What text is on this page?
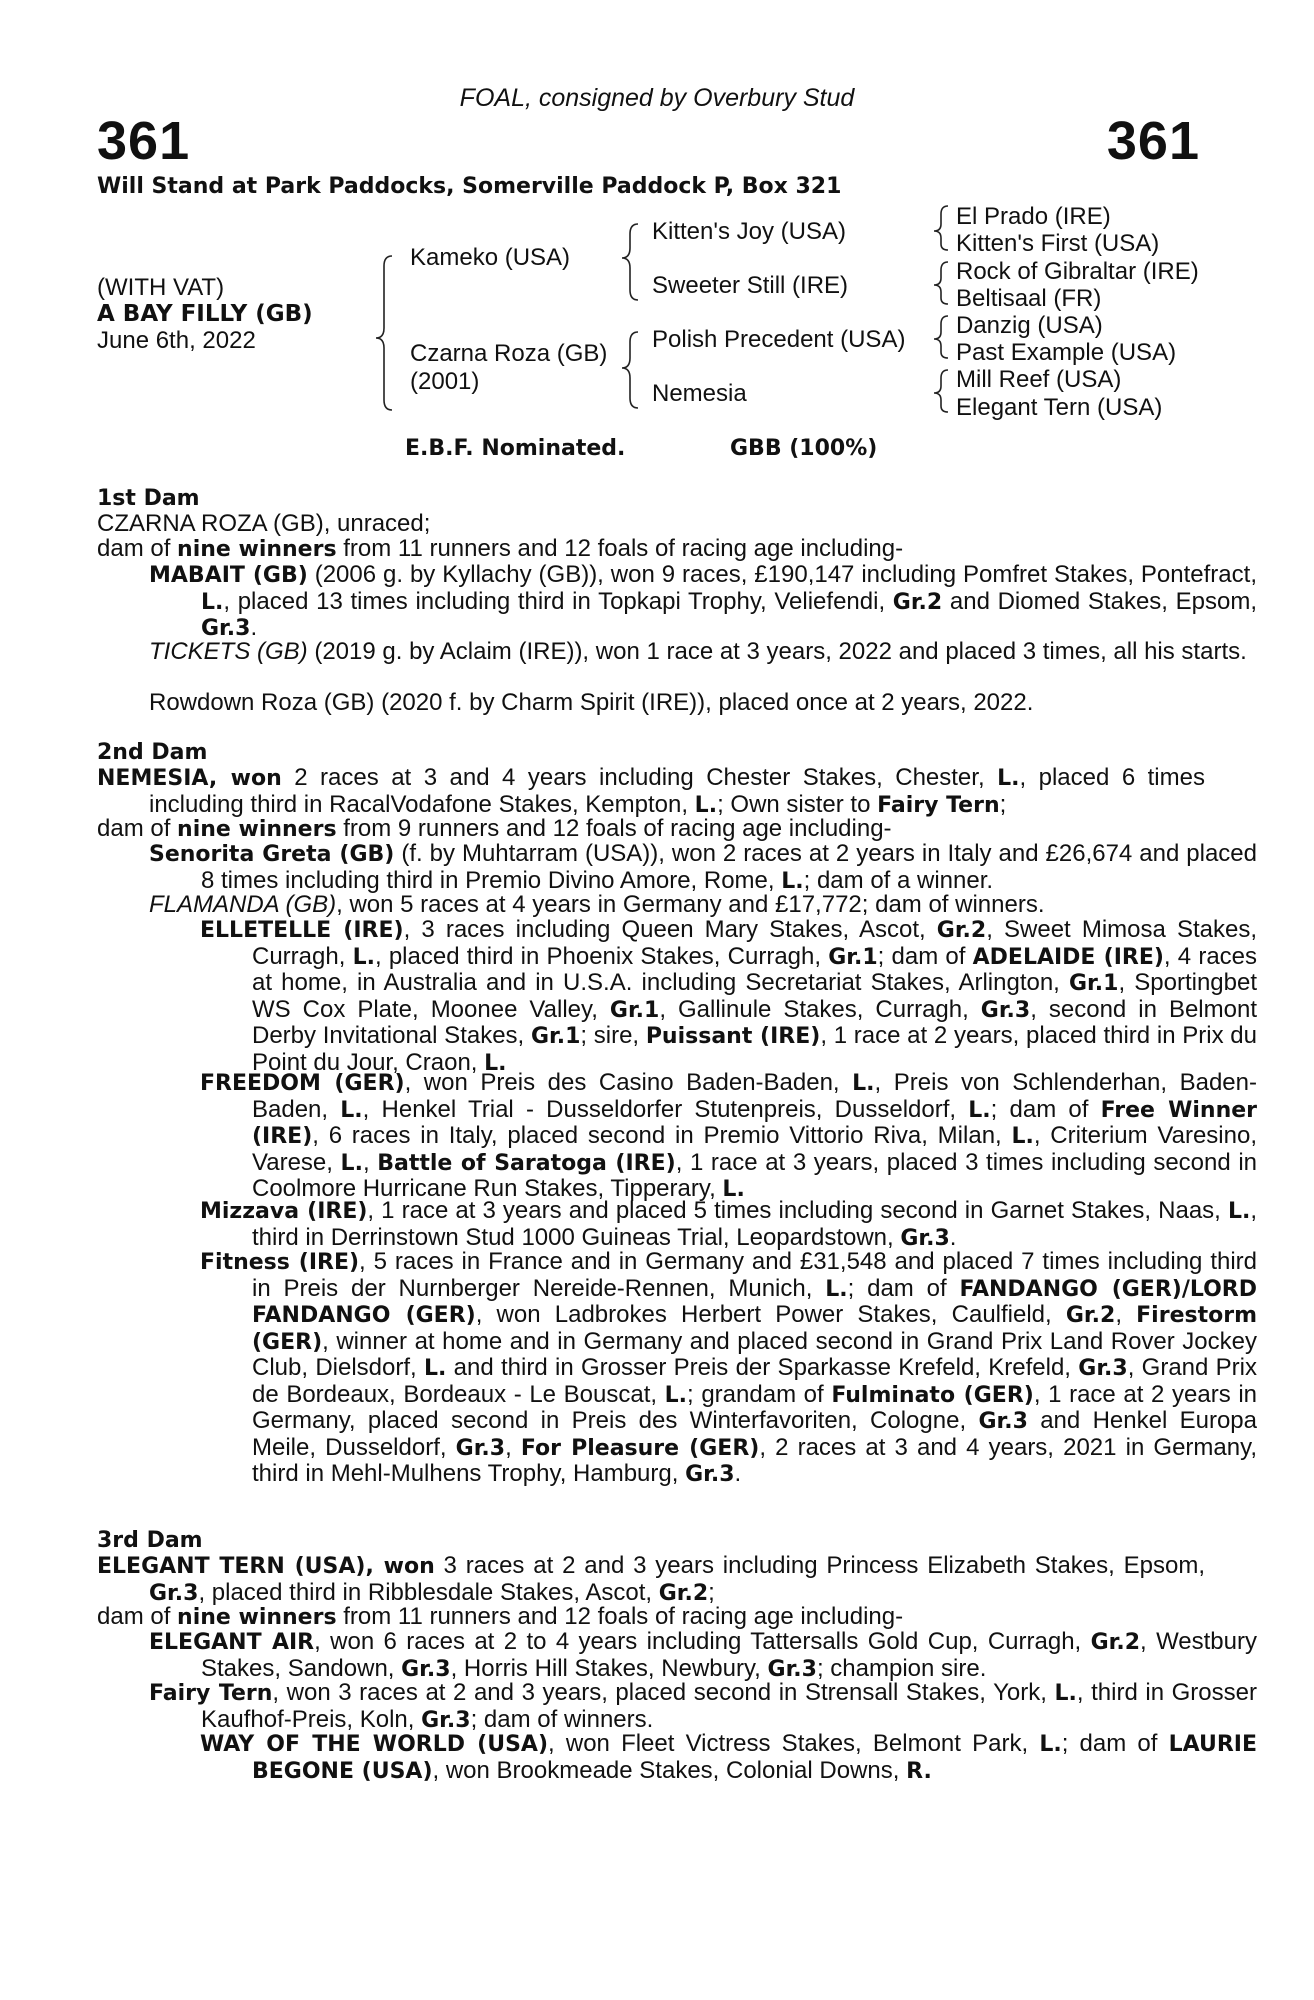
FOAL, consigned by Overbury Stud
361	361
Will Stand at Park Paddocks, Somerville Paddock P, Box 321
(WITH VAT)
A BAY FILLY (GB)
June 6th, 2022
Kameko (USA)
Czarna Roza (GB)
(2001)
Kitten's Joy (USA)
Sweeter Still (IRE)
Polish Precedent (USA)
Nemesia
El Prado (IRE)
Kitten's First (USA)
Rock of Gibraltar (IRE)
Beltisaal (FR)
Danzig (USA)
Past Example (USA)
Mill Reef (USA)
Elegant Tern (USA)
E.B.F. Nominated.	GBB (100%)
1st Dam
CZARNA ROZA (GB), unraced;
dam of nine winners from 11 runners and 12 foals of racing age including-
MABAIT (GB) (2006 g. by Kyllachy (GB)), won 9 races, £190,147 including Pomfret Stakes, Pontefract, L., placed 13 times including third in Topkapi Trophy, Veliefendi, Gr.2 and Diomed Stakes, Epsom, Gr.3.
TICKETS (GB) (2019 g. by Aclaim (IRE)), won 1 race at 3 years, 2022 and placed 3 times, all his starts.
Rowdown Roza (GB) (2020 f. by Charm Spirit (IRE)), placed once at 2 years, 2022.
2nd Dam
NEMESIA, won 2 races at 3 and 4 years including Chester Stakes, Chester, L., placed 6 times including third in RacalVodafone Stakes, Kempton, L.; Own sister to Fairy Tern;
dam of nine winners from 9 runners and 12 foals of racing age including-
Senorita Greta (GB) (f. by Muhtarram (USA)), won 2 races at 2 years in Italy and £26,674 and placed 8 times including third in Premio Divino Amore, Rome, L.; dam of a winner.
FLAMANDA (GB), won 5 races at 4 years in Germany and £17,772; dam of winners.
ELLETELLE (IRE), 3 races including Queen Mary Stakes, Ascot, Gr.2, Sweet Mimosa Stakes, Curragh, L., placed third in Phoenix Stakes, Curragh, Gr.1; dam of ADELAIDE (IRE), 4 races at home, in Australia and in U.S.A. including Secretariat Stakes, Arlington, Gr.1, Sportingbet WS Cox Plate, Moonee Valley, Gr.1, Gallinule Stakes, Curragh, Gr.3, second in Belmont Derby Invitational Stakes, Gr.1; sire, Puissant (IRE), 1 race at 2 years, placed third in Prix du Point du Jour, Craon, L.
FREEDOM (GER), won Preis des Casino Baden-Baden, L., Preis von Schlenderhan, Baden-Baden, L., Henkel Trial - Dusseldorfer Stutenpreis, Dusseldorf, L.; dam of Free Winner (IRE), 6 races in Italy, placed second in Premio Vittorio Riva, Milan, L., Criterium Varesino, Varese, L., Battle of Saratoga (IRE), 1 race at 3 years, placed 3 times including second in Coolmore Hurricane Run Stakes, Tipperary, L.
Mizzava (IRE), 1 race at 3 years and placed 5 times including second in Garnet Stakes, Naas, L., third in Derrinstown Stud 1000 Guineas Trial, Leopardstown, Gr.3.
Fitness (IRE), 5 races in France and in Germany and £31,548 and placed 7 times including third in Preis der Nurnberger Nereide-Rennen, Munich, L.; dam of FANDANGO (GER)/LORD FANDANGO (GER), won Ladbrokes Herbert Power Stakes, Caulfield, Gr.2, Firestorm (GER), winner at home and in Germany and placed second in Grand Prix Land Rover Jockey Club, Dielsdorf, L. and third in Grosser Preis der Sparkasse Krefeld, Krefeld, Gr.3, Grand Prix de Bordeaux, Bordeaux - Le Bouscat, L.; grandam of Fulminato (GER), 1 race at 2 years in Germany, placed second in Preis des Winterfavoriten, Cologne, Gr.3 and Henkel Europa Meile, Dusseldorf, Gr.3, For Pleasure (GER), 2 races at 3 and 4 years, 2021 in Germany, third in Mehl-Mulhens Trophy, Hamburg, Gr.3.
3rd Dam
ELEGANT TERN (USA), won 3 races at 2 and 3 years including Princess Elizabeth Stakes, Epsom, Gr.3, placed third in Ribblesdale Stakes, Ascot, Gr.2;
dam of nine winners from 11 runners and 12 foals of racing age including-
ELEGANT AIR, won 6 races at 2 to 4 years including Tattersalls Gold Cup, Curragh, Gr.2, Westbury Stakes, Sandown, Gr.3, Horris Hill Stakes, Newbury, Gr.3; champion sire.
Fairy Tern, won 3 races at 2 and 3 years, placed second in Strensall Stakes, York, L., third in Grosser Kaufhof-Preis, Koln, Gr.3; dam of winners.
WAY OF THE WORLD (USA), won Fleet Victress Stakes, Belmont Park, L.; dam of LAURIE BEGONE (USA), won Brookmeade Stakes, Colonial Downs, R.
